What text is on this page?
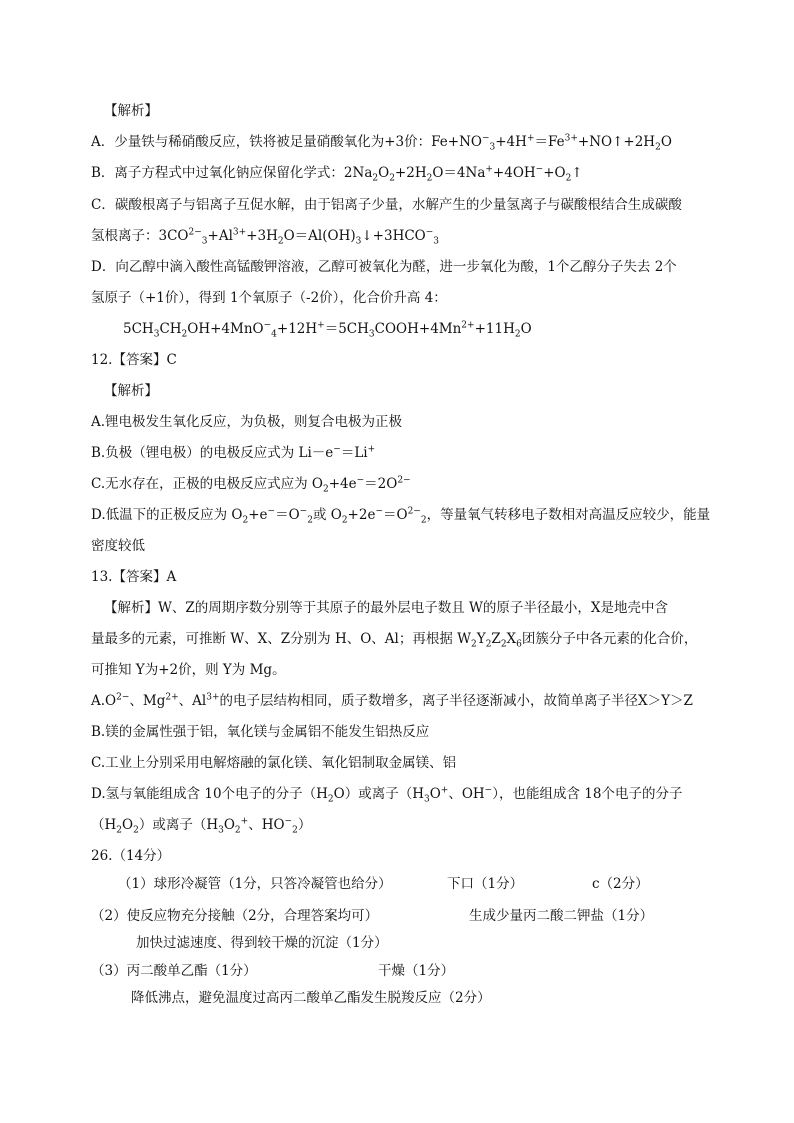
【解析】
A．少量铁与稀硝酸反应，铁将被足量硝酸氧化为+3价：$Fe+NO^-_3+4H^+=Fe^{3+}+NO↑+2H_2O$
B．离子方程式中过氧化钠应保留化学式：$2Na_2O_2+2H_2O=4Na^++4OH^-+O_2↑$
C．碳酸根离子与铝离子互促水解，由于铝离子少量，水解产生的少量氢离子与碳酸根结合生成碳酸
氢根离子：$3CO^{2-}_3+Al^{3+}+3H_2O=Al(OH)_3↓+3HCO^-_3$
D．向乙醇中滴入酸性高锰酸钾溶液，乙醇可被氧化为醛，进一步氧化为酸，1个乙醇分子失去 2个
氢原子（+1价），得到 1个氧原子（-2价），化合价升高 4：
$5CH_3CH_2OH+4MnO^-_4+12H^+=5CH_3COOH+4Mn^{2+}+11H_2O$
12.【答案】C
【解析】
A.锂电极发生氧化反应，为负极，则复合电极为正极
B.负极（锂电极）的电极反应式为 Li－e−＝Li+
C.无水存在，正极的电极反应式应为 $O_2+4e^-=2O^{2-}$
D.低温下的正极反应为 $O_2+e^-=O^-_2$或 $O_2+2e^-=O^{2-}_2$，等量氧气转移电子数相对高温反应较少，能量
密度较低
13.【答案】A
【解析】W、Z的周期序数分别等于其原子的最外层电子数且 W的原子半径最小，X是地壳中含
量最多的元素，可推断 W、X、Z分别为 H、O、Al；再根据 $W_2Y_2Z_2X_6$团簇分子中各元素的化合价，
可推知 Y为+2价，则 Y为 Mg。
$A.O^{2-}$、$Mg^{2+}$、$Al^{3+}$的电子层结构相同，质子数增多，离子半径逐渐减小，故简单离子半径X＞Y＞Z
B.镁的金属性强于铝，氧化镁与金属铝不能发生铝热反应
C.工业上分别采用电解熔融的氯化镁、氧化铝制取金属镁、铝
D.氢与氧能组成含 10个电子的分子$(H_2O)$或离子（$H_3O^+$、OH−），也能组成含 18个电子的分子
$(H_2O_2)$或离子（$H_3O_2^+$、$HO^-_2$）
26.（14分）
（1）球形冷凝管（1分，只答冷凝管也给分）	下口（1分）	c（2分）
（2）使反应物充分接触（2分，合理答案均可）	生成少量丙二酸二钾盐（1分）
加快过滤速度、得到较干燥的沉淀（1分）
（3）丙二酸单乙酯（1分）	干燥（1分）
降低沸点，避免温度过高丙二酸单乙酯发生脱羧反应（2分）
